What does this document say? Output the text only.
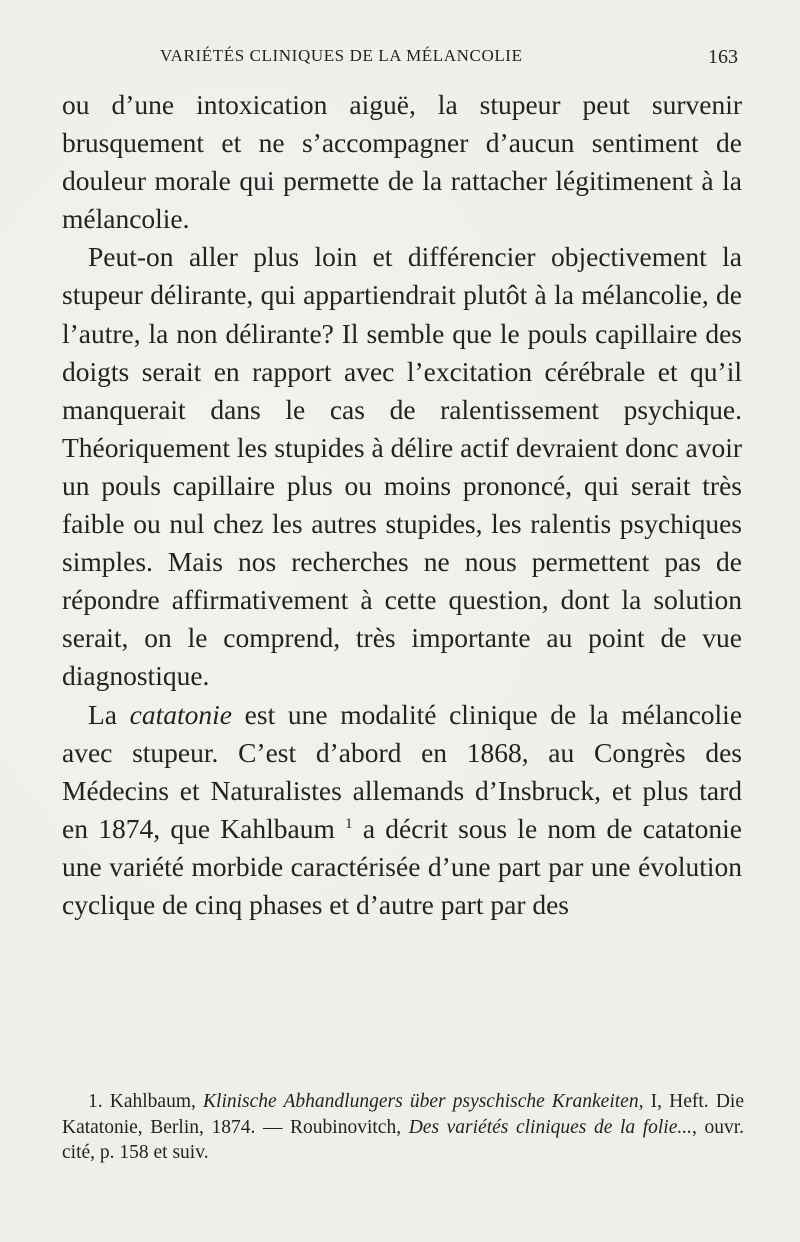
VARIÉTÉS CLINIQUES DE LA MÉLANCOLIE	163

ou d’une intoxication aiguë, la stupeur peut survenir brusquement et ne s’accompagner d’aucun sentiment de douleur morale qui permette de la rattacher légitimenent à la mélancolie.

Peut-on aller plus loin et différencier objectivement la stupeur délirante, qui appartiendrait plutôt à la mélancolie, de l’autre, la non délirante? Il semble que le pouls capillaire des doigts serait en rapport avec l’excitation cérébrale et qu’il manquerait dans le cas de ralentissement psychique. Théoriquement les stupides à délire actif devraient donc avoir un pouls capillaire plus ou moins prononcé, qui serait très faible ou nul chez les autres stupides, les ralentis psychiques simples. Mais nos recherches ne nous permettent pas de répondre affirmativement à cette question, dont la solution serait, on le comprend, très importante au point de vue diagnostique.

La catatonie est une modalité clinique de la mélancolie avec stupeur. C’est d’abord en 1868, au Congrès des Médecins et Naturalistes allemands d’Insbruck, et plus tard en 1874, que Kahlbaum $^1$ a décrit sous le nom de catatonie une variété morbide caractérisée d’une part par une évolution cyclique de cinq phases et d’autre part par des

1. Kahlbaum, Klinische Abhandlungers über psyschische Krankeiten, I, Heft. Die Katatonie, Berlin, 1874. — Roubinovitch, Des variétés cliniques de la folie..., ouvr. cité, p. 158 et suiv.
